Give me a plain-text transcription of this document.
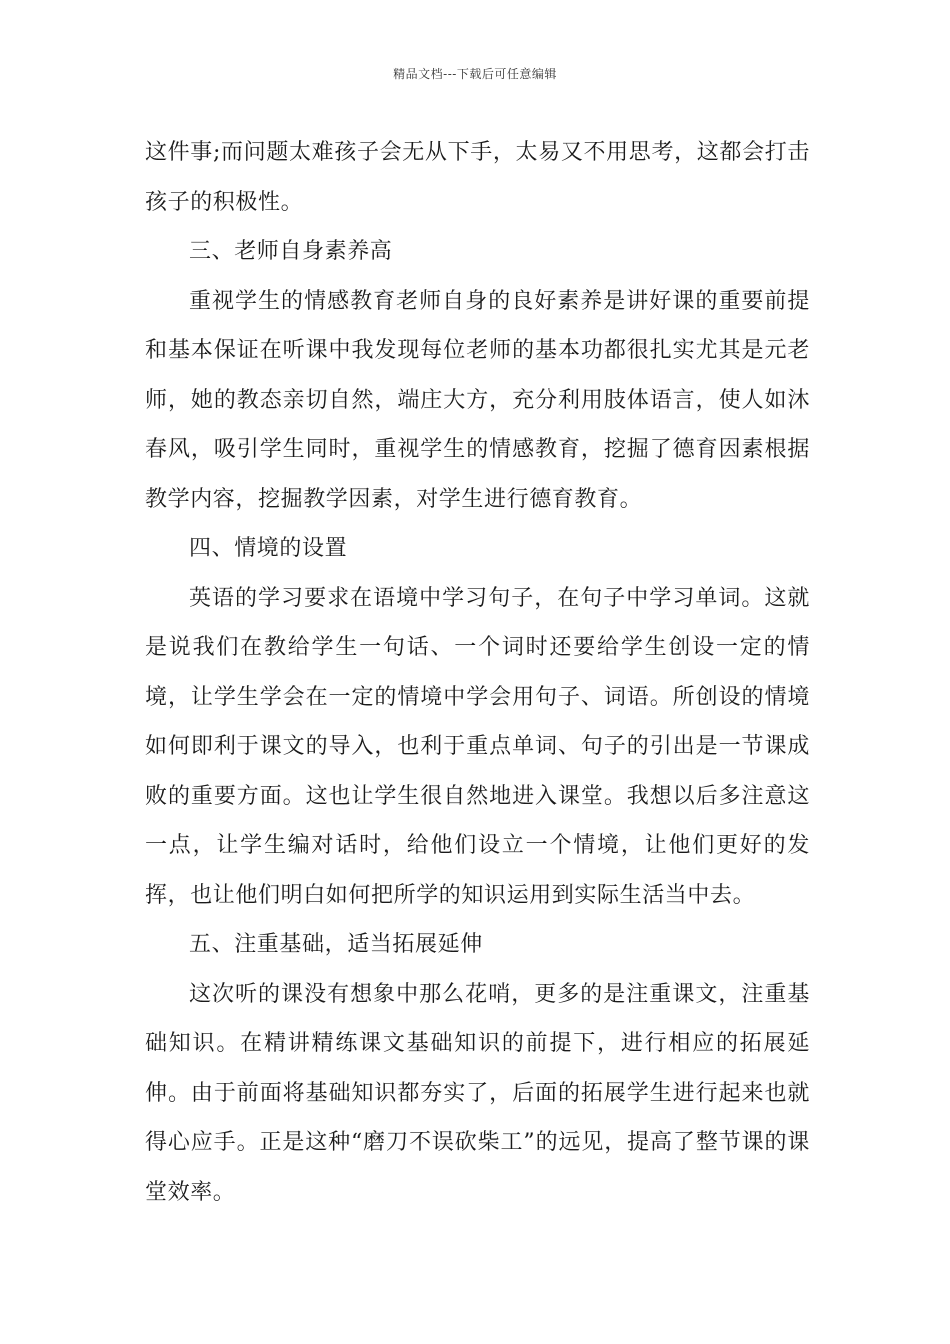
精品文档---下载后可任意编辑

这件事;而问题太难孩子会无从下手，太易又不用思考，这都会打击孩子的积极性。

三、老师自身素养高

重视学生的情感教育老师自身的良好素养是讲好课的重要前提和基本保证在听课中我发现每位老师的基本功都很扎实尤其是元老师，她的教态亲切自然，端庄大方，充分利用肢体语言，使人如沐春风，吸引学生同时，重视学生的情感教育，挖掘了德育因素根据教学内容，挖掘教学因素，对学生进行德育教育。

四、情境的设置

英语的学习要求在语境中学习句子，在句子中学习单词。这就是说我们在教给学生一句话、一个词时还要给学生创设一定的情境，让学生学会在一定的情境中学会用句子、词语。所创设的情境如何即利于课文的导入，也利于重点单词、句子的引出是一节课成败的重要方面。这也让学生很自然地进入课堂。我想以后多注意这一点，让学生编对话时，给他们设立一个情境，让他们更好的发挥，也让他们明白如何把所学的知识运用到实际生活当中去。

五、注重基础，适当拓展延伸

这次听的课没有想象中那么花哨，更多的是注重课文，注重基础知识。在精讲精练课文基础知识的前提下，进行相应的拓展延伸。由于前面将基础知识都夯实了，后面的拓展学生进行起来也就得心应手。正是这种“磨刀不误砍柴工”的远见，提高了整节课的课堂效率。
